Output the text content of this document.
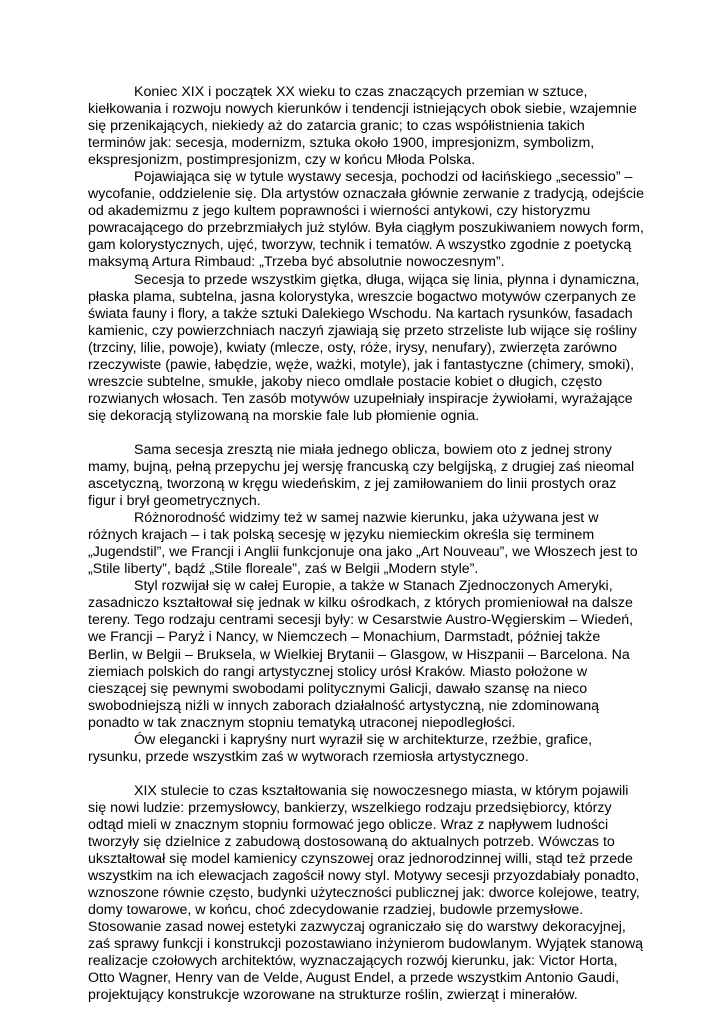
Koniec XIX i początek XX wieku to czas znaczących przemian w sztuce, kiełkowania i rozwoju nowych kierunków i tendencji istniejących obok siebie, wzajemnie się przenikających, niekiedy aż do zatarcia granic; to czas współistnienia takich terminów jak: secesja, modernizm, sztuka około 1900, impresjonizm, symbolizm, ekspresjonizm, postimpresjonizm, czy w końcu Młoda Polska.

Pojawiająca się w tytule wystawy secesja, pochodzi od łacińskiego „secessio” – wycofanie, oddzielenie się. Dla artystów oznaczała głównie zerwanie z tradycją, odejście od akademizmu z jego kultem poprawności i wierności antykowi, czy historyzmu powracającego do przebrzmiałych już stylów. Była ciągłym poszukiwaniem nowych form, gam kolorystycznych, ujęć, tworzyw, technik i tematów. A wszystko zgodnie z poetycką maksymą Artura Rimbaud: „Trzeba być absolutnie nowoczesnym”.

Secesja to przede wszystkim giętka, długa, wijąca się linia, płynna i dynamiczna, płaska plama, subtelna, jasna kolorystyka, wreszcie bogactwo motywów czerpanych ze świata fauny i flory, a także sztuki Dalekiego Wschodu. Na kartach rysunków, fasadach kamienic, czy powierzchniach naczyń zjawiają się przeto strzeliste lub wijące się rośliny (trzciny, lilie, powoje), kwiaty (mlecze, osty, róże, irysy, nenufary), zwierzęta zarówno rzeczywiste (pawie, łabędzie, węże, ważki, motyle), jak i fantastyczne (chimery, smoki), wreszcie subtelne, smukłe, jakoby nieco omdlałe postacie kobiet o długich, często rozwianych włosach. Ten zasób motywów uzupełniały inspiracje żywiołami, wyrażające się dekoracją stylizowaną na morskie fale lub płomienie ognia.

Sama secesja zresztą nie miała jednego oblicza, bowiem oto z jednej strony mamy, bujną, pełną przepychu jej wersję francuską czy belgijską, z drugiej zaś nieomal ascetyczną, tworzoną w kręgu wiedeńskim, z jej zamiłowaniem do linii prostych oraz figur i brył geometrycznych.

Różnorodność widzimy też w samej nazwie kierunku, jaka używana jest w różnych krajach – i tak polską secesję w języku niemieckim określa się terminem „Jugendstil”, we Francji i Anglii funkcjonuje ona jako „Art Nouveau”, we Włoszech jest to „Stile liberty”, bądź „Stile floreale”, zaś w Belgii „Modern style”.

Styl rozwijał się w całej Europie, a także w Stanach Zjednoczonych Ameryki, zasadniczo kształtował się jednak w kilku ośrodkach, z których promieniował na dalsze tereny. Tego rodzaju centrami secesji były: w Cesarstwie Austro-Węgierskim – Wiedeń, we Francji – Paryż i Nancy, w Niemczech – Monachium, Darmstadt, później także Berlin, w Belgii – Bruksela, w Wielkiej Brytanii – Glasgow, w Hiszpanii – Barcelona. Na ziemiach polskich do rangi artystycznej stolicy urósł Kraków. Miasto położone w cieszącej się pewnymi swobodami politycznymi Galicji, dawało szansę na nieco swobodniejszą niźli w innych zaborach działalność artystyczną, nie zdominowaną ponadto w tak znacznym stopniu tematyką utraconej niepodległości.

Ów elegancki i kapryśny nurt wyraził się w architekturze, rzeźbie, grafice, rysunku, przede wszystkim zaś w wytworach rzemiosła artystycznego.

XIX stulecie to czas kształtowania się nowoczesnego miasta, w którym pojawili się nowi ludzie: przemysłowcy, bankierzy, wszelkiego rodzaju przedsiębiorcy, którzy odtąd mieli w znacznym stopniu formować jego oblicze. Wraz z napływem ludności tworzyły się dzielnice z zabudową dostosowaną do aktualnych potrzeb. Wówczas to ukształtował się model kamienicy czynszowej oraz jednorodzinnej willi, stąd też przede wszystkim na ich elewacjach zagościł nowy styl. Motywy secesji przyozdabiały ponadto, wznoszone równie często, budynki użyteczności publicznej jak: dworce kolejowe, teatry, domy towarowe, w końcu, choć zdecydowanie rzadziej, budowle przemysłowe. Stosowanie zasad nowej estetyki zazwyczaj ograniczało się do warstwy dekoracyjnej, zaś sprawy funkcji i konstrukcji pozostawiano inżynierom budowlanym. Wyjątek stanową realizacje czołowych architektów, wyznaczających rozwój kierunku, jak: Victor Horta, Otto Wagner, Henry van de Velde, August Endel, a przede wszystkim Antonio Gaudi, projektujący konstrukcje wzorowane na strukturze roślin, zwierząt i minerałów.
